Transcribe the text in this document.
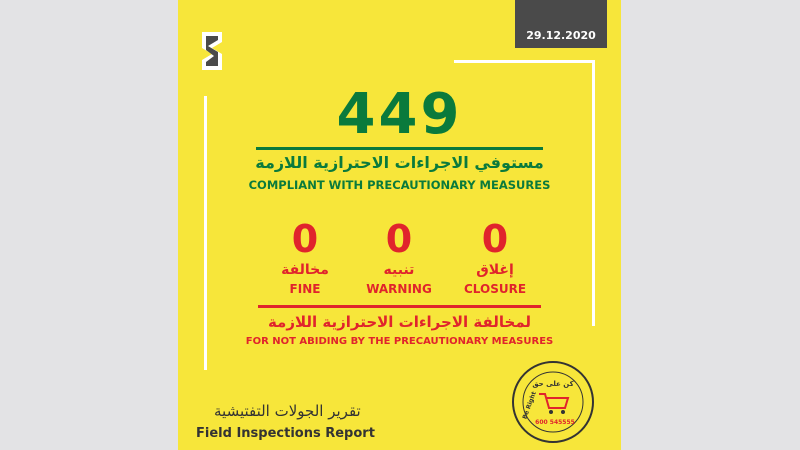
29.12.2020
449
مستوفي الاجراءات الاحترازية اللازمة
COMPLIANT WITH PRECAUTIONARY MEASURES
0
مخالفة
FINE
0
تنبيه
WARNING
0
إغلاق
CLOSURE
لمخالفة الاجراءات الاحترازية اللازمة
FOR NOT ABIDING BY THE PRECAUTIONARY MEASURES
تقرير الجولات التفتيشية
Field Inspections Report
كن على حق
Be Right
600 545555
